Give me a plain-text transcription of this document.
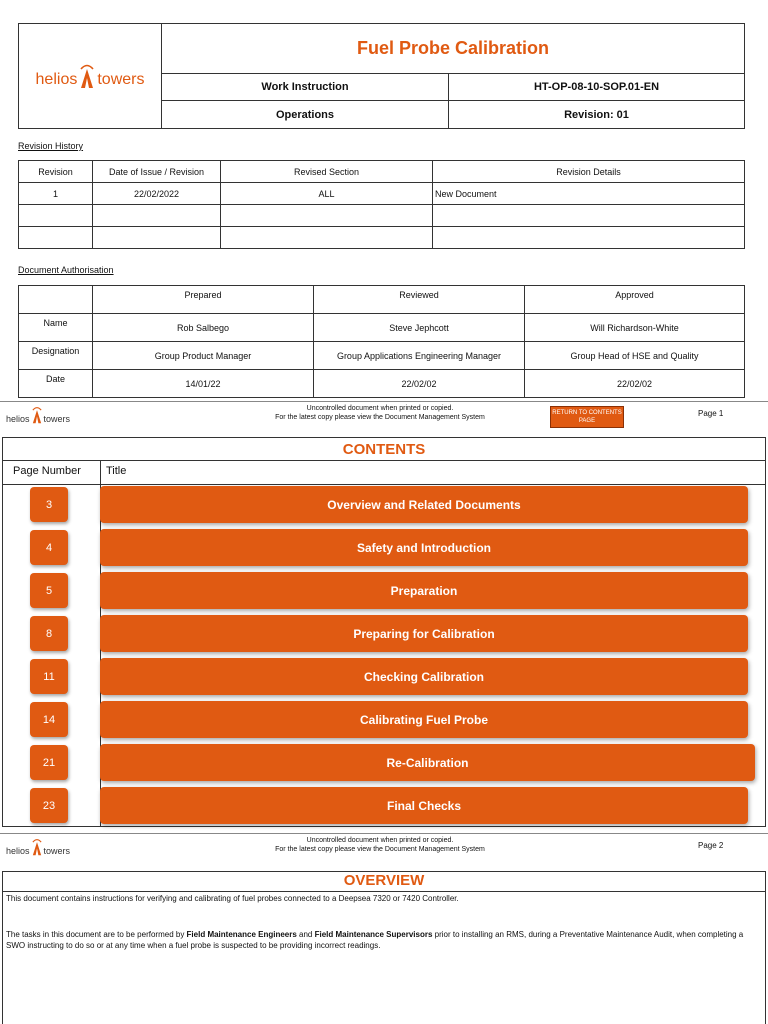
helios towers
Fuel Probe Calibration
Work Instruction	HT-OP-08-10-SOP.01-EN
Operations	Revision: 01
Revision History
Revision	Date of Issue / Revision	Revised Section	Revision Details
1	22/02/2022	ALL	New Document

Document Authorisation
	Prepared	Reviewed	Approved
Name	Rob Salbego	Steve Jephcott	Will Richardson-White
Designation	Group Product Manager	Group Applications Engineering Manager	Group Head of HSE and Quality
Date	14/01/22	22/02/02	22/02/02
helios towers
Uncontrolled document when printed or copied.
For the latest copy please view the Document Management System
RETURN TO CONTENTS PAGE
Page 1
CONTENTS
Page Number Title
3	Overview and Related Documents
4	Safety and Introduction
5	Preparation
8	Preparing for Calibration
11	Checking Calibration
14	Calibrating Fuel Probe
21	Re-Calibration
23	Final Checks
helios towers
Uncontrolled document when printed or copied.
For the latest copy please view the Document Management System	Page 2
OVERVIEW
This document contains instructions for verifying and calibrating of fuel probes connected to a Deepsea 7320 or 7420 Controller.
The tasks in this document are to be performed by Field Maintenance Engineers and Field Maintenance Supervisors prior to installing an RMS, during a Preventative Maintenance Audit, when completing a SWO instructing to do so or at any time when a fuel probe is suspected to be providing incorrect readings.
